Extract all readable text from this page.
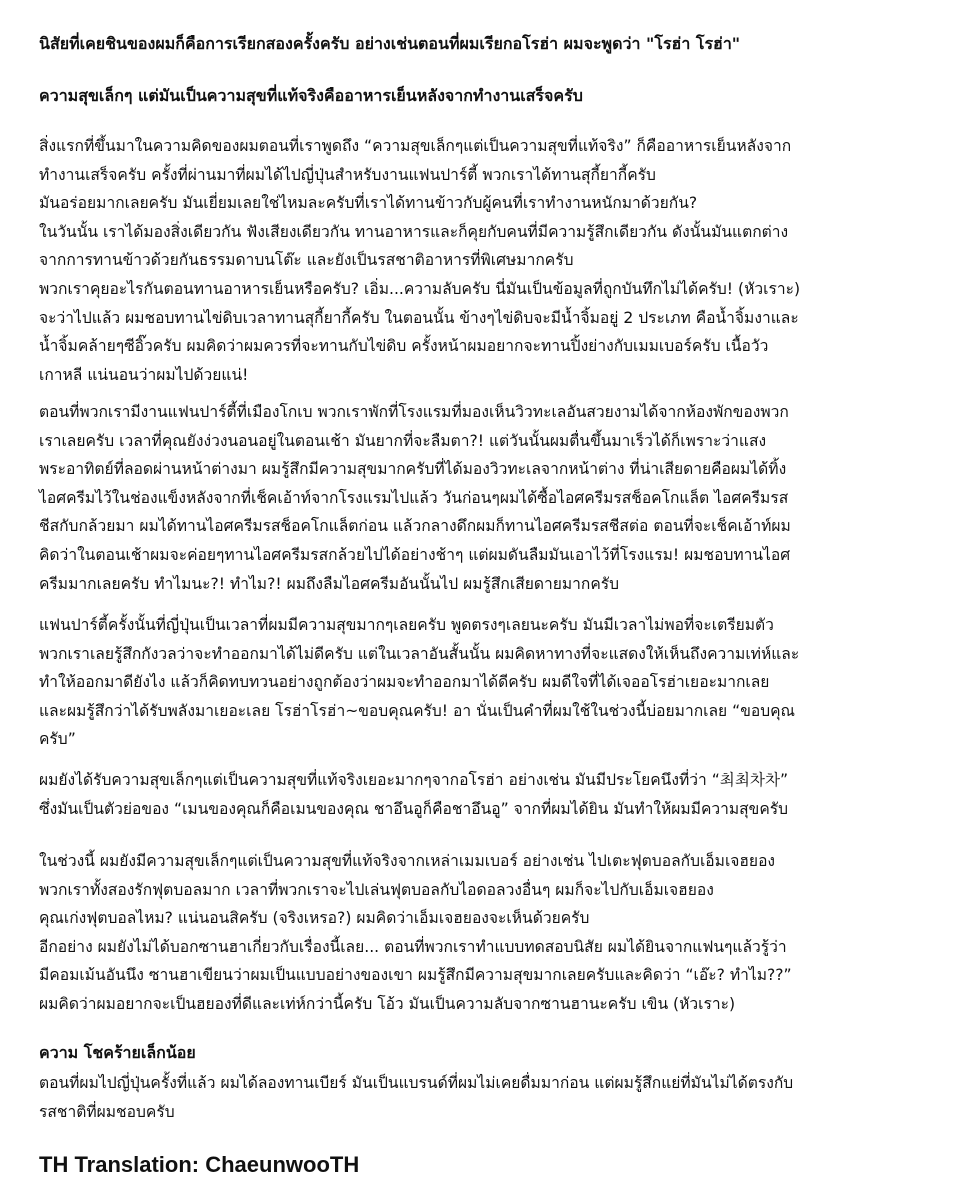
นิสัยที่เคยชินของผมก็คือการเรียกสองครั้งครับ อย่างเช่นตอนที่ผมเรียกอโรฮ่า ผมจะพูดว่า "โรฮ่า โรฮ่า"
ความสุขเล็กๆ แต่มันเป็นความสุขที่แท้จริงคืออาหารเย็นหลังจากทำงานเสร็จครับ
สิ่งแรกที่ขึ้นมาในความคิดของผมตอนที่เราพูดถึง “ความสุขเล็กๆแต่เป็นความสุขที่แท้จริง” ก็คืออาหารเย็นหลังจาก
ทำงานเสร็จครับ ครั้งที่ผ่านมาที่ผมได้ไปญี่ปุ่นสำหรับงานแฟนปาร์ตี้ พวกเราได้ทานสุกี้ยากี้ครับ
มันอร่อยมากเลยครับ มันเยี่ยมเลยใช่ไหมละครับที่เราได้ทานข้าวกับผู้คนที่เราทำงานหนักมาด้วยกัน?
ในวันนั้น เราได้มองสิ่งเดียวกัน ฟังเสียงเดียวกัน ทานอาหารและก็คุยกับคนที่มีความรู้สึกเดียวกัน ดังนั้นมันแตกต่าง
จากการทานข้าวด้วยกันธรรมดาบนโต๊ะ และยังเป็นรสชาติอาหารที่พิเศษมากครับ
พวกเราคุยอะไรกันตอนทานอาหารเย็นหรือครับ? เอิ่ม...ความลับครับ นี่มันเป็นข้อมูลที่ถูกบันทึกไม่ได้ครับ! (หัวเราะ)
จะว่าไปแล้ว ผมชอบทานไข่ดิบเวลาทานสุกี้ยากี้ครับ ในตอนนั้น ข้างๆไข่ดิบจะมีน้ำจิ้มอยู่ 2 ประเภท คือน้ำจิ้มงาและ
น้ำจิ้มคล้ายๆซีอิ๊วครับ ผมคิดว่าผมควรที่จะทานกับไข่ดิบ ครั้งหน้าผมอยากจะทานปิ้งย่างกับเมมเบอร์ครับ เนื้อวัว
เกาหลี แน่นอนว่าผมไปด้วยแน่!
ตอนที่พวกเรามีงานแฟนปาร์ตี้ที่เมืองโกเบ พวกเราพักที่โรงแรมที่มองเห็นวิวทะเลอันสวยงามได้จากห้องพักของพวก
เราเลยครับ เวลาที่คุณยังง่วงนอนอยู่ในตอนเช้า มันยากที่จะลืมตา?! แต่วันนั้นผมตื่นขึ้นมาเร็วได้ก็เพราะว่าแสง
พระอาทิตย์ที่ลอดผ่านหน้าต่างมา ผมรู้สึกมีความสุขมากครับที่ได้มองวิวทะเลจากหน้าต่าง ที่น่าเสียดายคือผมได้ทิ้ง
ไอศครีมไว้ในช่องแข็งหลังจากที่เช็คเอ้าท์จากโรงแรมไปแล้ว วันก่อนๆผมได้ซื้อไอศครีมรสช็อคโกแล็ต ไอศครีมรส
ชีสกับกล้วยมา ผมได้ทานไอศครีมรสช็อคโกแล็ตก่อน แล้วกลางดึกผมก็ทานไอศครีมรสชีสต่อ ตอนที่จะเช็คเอ้าท์ผม
คิดว่าในตอนเช้าผมจะค่อยๆทานไอศครีมรสกล้วยไปได้อย่างช้าๆ แต่ผมดันลืมมันเอาไว้ที่โรงแรม! ผมชอบทานไอศ
ครีมมากเลยครับ ทำไมนะ?! ทำไม?! ผมถึงลืมไอศครีมอันนั้นไป ผมรู้สึกเสียดายมากครับ
แฟนปาร์ตี้ครั้งนั้นที่ญี่ปุ่นเป็นเวลาที่ผมมีความสุขมากๆเลยครับ พูดตรงๆเลยนะครับ มันมีเวลาไม่พอที่จะเตรียมตัว
พวกเราเลยรู้สึกกังวลว่าจะทำออกมาได้ไม่ดีครับ แต่ในเวลาอันสั้นนั้น ผมคิดหาทางที่จะแสดงให้เห็นถึงความเท่ห์และ
ทำให้ออกมาดียังไง แล้วก็คิดทบทวนอย่างถูกต้องว่าผมจะทำออกมาได้ดีครับ ผมดีใจที่ได้เจออโรฮ่าเยอะมากเลย
และผมรู้สึกว่าได้รับพลังมาเยอะเลย โรฮ่าโรฮ่า~ขอบคุณครับ! อา นั่นเป็นคำที่ผมใช้ในช่วงนี้บ่อยมากเลย “ขอบคุณ
ครับ”
ผมยังได้รับความสุขเล็กๆแต่เป็นความสุขที่แท้จริงเยอะมากๆจากอโรฮ่า อย่างเช่น มันมีประโยคนึงที่ว่า “최최차차”
ซึ่งมันเป็นตัวย่อของ “เมนของคุณก็คือเมนของคุณ ชาอึนอูก็คือชาอึนอู” จากที่ผมได้ยิน มันทำให้ผมมีความสุขครับ
ในช่วงนี้ ผมยังมีความสุขเล็กๆแต่เป็นความสุขที่แท้จริงจากเหล่าเมมเบอร์ อย่างเช่น ไปเตะฟุตบอลกับเอ็มเจฮยอง
พวกเราทั้งสองรักฟุตบอลมาก เวลาที่พวกเราจะไปเล่นฟุตบอลกับไอดอลวงอื่นๆ ผมก็จะไปกับเอ็มเจฮยอง
คุณเก่งฟุตบอลไหม? แน่นอนสิครับ (จริงเหรอ?) ผมคิดว่าเอ็มเจฮยองจะเห็นด้วยครับ
อีกอย่าง ผมยังไม่ได้บอกซานฮาเกี่ยวกับเรื่องนี้เลย... ตอนที่พวกเราทำแบบทดสอบนิสัย ผมได้ยินจากแฟนๆแล้วรู้ว่า
มีคอมเม้นอันนึง ซานฮาเขียนว่าผมเป็นแบบอย่างของเขา ผมรู้สึกมีความสุขมากเลยครับและคิดว่า “เอ๊ะ? ทำไม??”
ผมคิดว่าผมอยากจะเป็นฮยองที่ดีและเท่ห์กว่านี้ครับ โอ้ว มันเป็นความลับจากซานฮานะครับ เขิน (หัวเราะ)
ความ โชคร้ายเล็กน้อย
ตอนที่ผมไปญี่ปุ่นครั้งที่แล้ว ผมได้ลองทานเบียร์ มันเป็นแบรนด์ที่ผมไม่เคยดื่มมาก่อน แต่ผมรู้สึกแย่ที่มันไม่ได้ตรงกับ
รสชาติที่ผมชอบครับ
TH Translation: ChaeunwooTH
